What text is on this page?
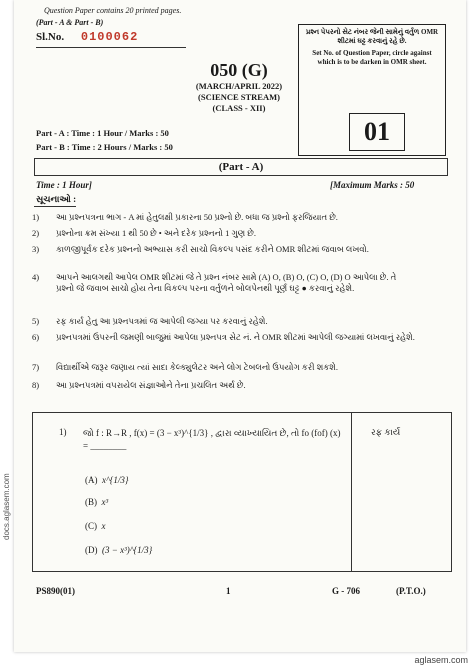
Question Paper contains 20 printed pages.
(Part - A & Part - B)
Sl.No. 0100062
050 (G)
(MARCH/APRIL 2022)
(SCIENCE STREAM)
(CLASS - XII)
પ્રશ્ન પેપરનો સેટ નંબર જેની સામેનું વર્તુળ OMR શીટમાં ઘટ્ટ કરવાનું રહે છે.
Set No. of Question Paper, circle against which is to be darken in OMR sheet.
01
Part - A : Time : 1 Hour / Marks : 50
Part - B : Time : 2 Hours / Marks : 50
(Part - A)
Time : 1 Hour]	[Maximum Marks : 50
સૂચનાઓ :
1) આ પ્રશ્નપત્રના ભાગ - A માં હેતુલક્ષી પ્રકારના 50 પ્રશ્નો છે. બધા જ પ્રશ્નો ફરજિયાત છે.
2) પ્રશ્નોના ક્રમ સંખ્યા 1 થી 50 છે • અને દરેક પ્રશ્નનો 1 ગુણ છે.
3) કાળજીપૂર્વક દરેક પ્રશ્નનો અભ્યાસ કરી સાચો વિકલ્પ પસંદ કરીને OMR શીટમાં જવાબ લખવો.
4) આપને આલગથી આપેલ OMR શીટમાં જે તે પ્રશ્ન નંબર સામે (A) O, (B) O, (C) O, (D) O આપેલા છે. તે પ્રશ્નો જે જવાબ સાચો હોય તેના વિકલ્પ પરના વર્તુળને બોલપેનથી પૂર્ણ ઘટ્ટ ● કરવાનું રહેશે.
5) રફ કાર્ય હેતુ આ પ્રશ્નપત્રમાં જ આપેલી જગ્યા પર કરવાનું રહેશે.
6) પ્રશ્નપત્રમાં ઉપરની જમણી બાજુમાં આપેલા પ્રશ્નપત્ર સેટ નં. ને OMR શીટમાં આપેલી જગ્યામાં લખવાનું રહેશે.
7) વિદ્યાર્થીએ જરૂર જણાય ત્યાં સાદા કેલ્ક્યુલેટર અને લોગ ટેબલનો ઉપયોગ કરી શકશે.
8) આ પ્રશ્નપત્રમાં વપરાયેલ સંજ્ઞાઓને તેના પ્રચલિત અર્થ છે.
1) જો f : R→R , f(x) = (3 − x³)^{1/3} , દ્વારા વ્યાખ્યાયિત છે, તો fo (fof) (x) = ________
રફ કાર્ય
(A) x^{1/3}
(B) x³
(C) x
(D) (3 − x³)^{1/3}
PS890(01)	1	G - 706	(P.T.O.)
docs.aglasem.com
aglasem.com
